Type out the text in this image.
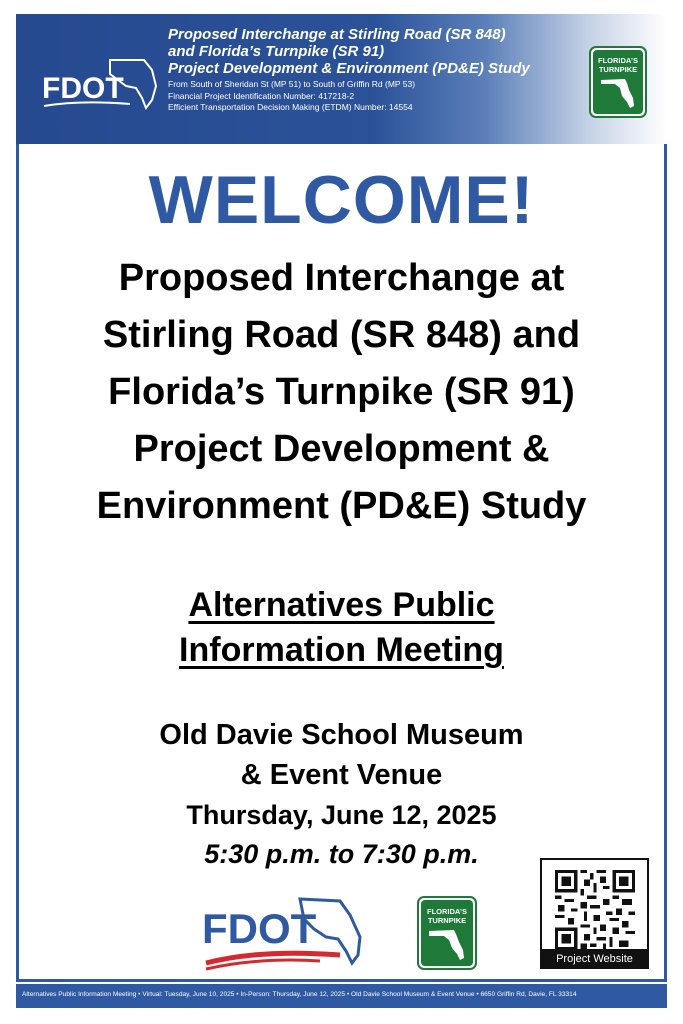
FDOT
Proposed Interchange at Stirling Road (SR 848)
and Florida’s Turnpike (SR 91)
Project Development & Environment (PD&E) Study
From South of Sheridan St (MP 51) to South of Griffin Rd (MP 53)
Financial Project Identification Number: 417218-2
Efficient Transportation Decision Making (ETDM) Number: 14554
FLORIDA’S
TURNPIKE
WELCOME!
Proposed Interchange at
Stirling Road (SR 848) and
Florida’s Turnpike (SR 91)
Project Development &
Environment (PD&E) Study
Alternatives Public
Information Meeting
Old Davie School Museum
& Event Venue
Thursday, June 12, 2025
5:30 p.m. to 7:30 p.m.
FDOT	FLORIDA’S
TURNPIKE
Project Website
Alternatives Public Information Meeting • Virtual: Tuesday, June 10, 2025 • In-Person: Thursday, June 12, 2025 • Old Davie School Museum & Event Venue • 6650 Griffin Rd, Davie, FL 33314
